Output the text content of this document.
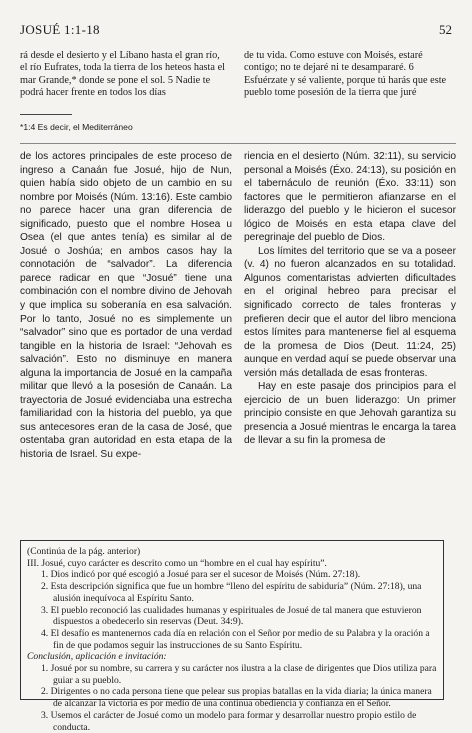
JOSUÉ 1:1-18	52

rá desde el desierto y el Líbano hasta el gran río, el río Eufrates, toda la tierra de los heteos hasta el mar Grande,* donde se pone el sol. 5 Nadie te podrá hacer frente en todos los días

de tu vida. Como estuve con Moisés, estaré contigo; no te dejaré ni te desampararé. 6 Esfuérzate y sé valiente, porque tú harás que este pueblo tome posesión de la tierra que juré

*1:4 Es decir, el Mediterráneo

de los actores principales de este proceso de ingreso a Canaán fue Josué, hijo de Nun, quien había sido objeto de un cambio en su nombre por Moisés (Núm. 13:16). Este cambio no parece hacer una gran diferencia de significado, puesto que el nombre Hosea u Osea (el que antes tenía) es similar al de Josué o Joshúa; en ambos casos hay la connotación de “salvador”. La diferencia parece radicar en que “Josué” tiene una combinación con el nombre divino de Jehovah y que implica su soberanía en esa salvación. Por lo tanto, Josué no es simplemente un “salvador” sino que es portador de una verdad tangible en la historia de Israel: “Jehovah es salvación”. Esto no disminuye en manera alguna la importancia de Josué en la campaña militar que llevó a la posesión de Canaán. La trayectoria de Josué evidenciaba una estrecha familiaridad con la historia del pueblo, ya que sus antecesores eran de la casa de José, que ostentaba gran autoridad en esta etapa de la historia de Israel. Su expe-

riencia en el desierto (Núm. 32:11), su servicio personal a Moisés (Éxo. 24:13), su posición en el tabernáculo de reunión (Éxo. 33:11) son factores que le permitieron afianzarse en el liderazgo del pueblo y le hicieron el sucesor lógico de Moisés en esta etapa clave del peregrinaje del pueblo de Dios.

Los límites del territorio que se va a poseer (v. 4) no fueron alcanzados en su totalidad. Algunos comentaristas advierten dificultades en el original hebreo para precisar el significado correcto de tales fronteras y prefieren decir que el autor del libro menciona estos límites para mantenerse fiel al esquema de la promesa de Dios (Deut. 11:24, 25) aunque en verdad aquí se puede observar una versión más detallada de esas fronteras.

Hay en este pasaje dos principios para el ejercicio de un buen liderazgo: Un primer principio consiste en que Jehovah garantiza su presencia a Josué mientras le encarga la tarea de llevar a su fin la promesa de

(Continúa de la pág. anterior)

III. Josué, cuyo carácter es descrito como un “hombre en el cual hay espíritu”.

1. Dios indicó por qué escogió a Josué para ser el sucesor de Moisés (Núm. 27:18).

2. Esta descripción significa que fue un hombre “lleno del espíritu de sabiduría” (Núm. 27:18), una alusión inequívoca al Espíritu Santo.

3. El pueblo reconoció las cualidades humanas y espirituales de Josué de tal manera que estuvieron dispuestos a obedecerlo sin reservas (Deut. 34:9).

4. El desafío es mantenernos cada día en relación con el Señor por medio de su Palabra y la oración a fin de que podamos seguir las instrucciones de su Santo Espíritu.

Conclusión, aplicación e invitación:

1. Josué por su nombre, su carrera y su carácter nos ilustra a la clase de dirigentes que Dios utiliza para guiar a su pueblo.

2. Dirigentes o no cada persona tiene que pelear sus propias batallas en la vida diaria; la única manera de alcanzar la victoria es por medio de una continua obediencia y confianza en el Señor.

3. Usemos el carácter de Josué como un modelo para formar y desarrollar nuestro propio estilo de conducta.
